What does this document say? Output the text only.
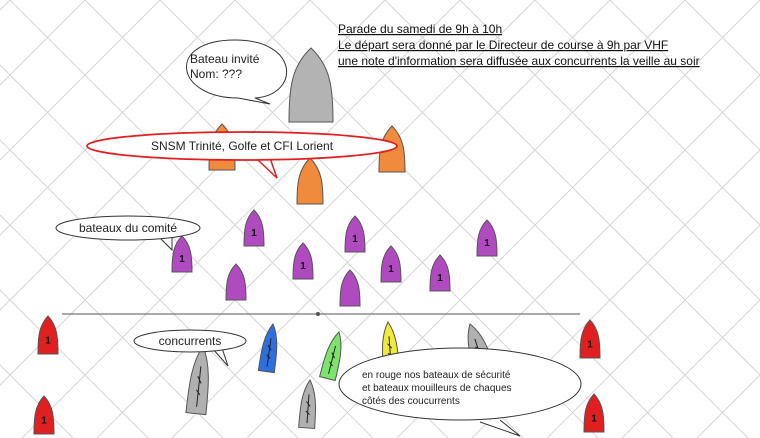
Parade du samedi de 9h à 10h
Le départ sera donné par le Directeur de course à 9h par VHF
une note d'information sera diffusée aux concurrents la veille au soir
1
1	1
1
1	1
1
1	1
1	1
Bateau invité
Nom: ???
SNSM Trinité, Golfe et CFI Lorient
bateaux du comité
concurrents
en rouge nos bateaux de sécurité
et bateaux mouilleurs de chaques
côtés des coucurrents
